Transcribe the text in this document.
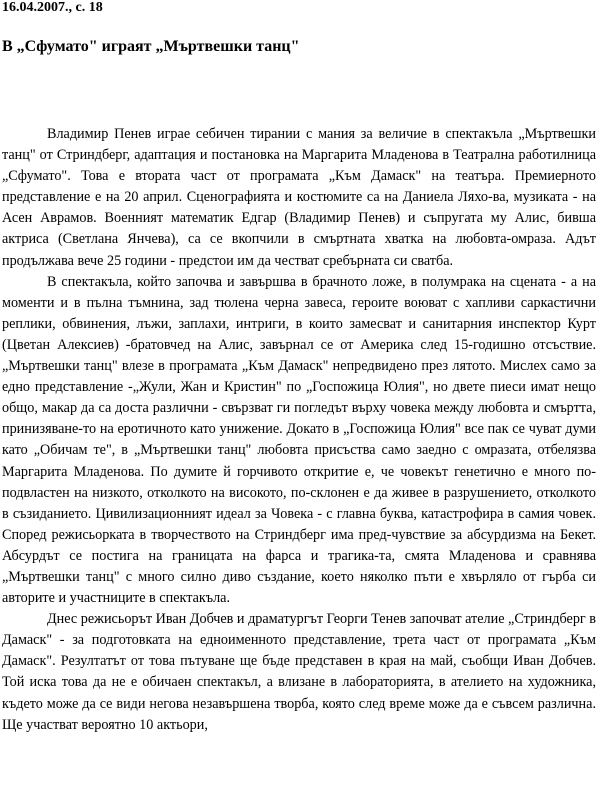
16.04.2007., с. 18
В „Сфумато" играят „Мъртвешки танц"

Владимир Пенев играе себичен тирании с мания за величие в спектакъла „Мъртвешки танц" от Стриндберг, адаптация и постановка на Маргарита Младенова в Театрална работилница „Сфумато". Това е втората част от програмата „Към Дамаск" на театъра. Премиерното представление е на 20 април. Сценографията и костюмите са на Даниела Ляхо-ва, музиката - на Асен Аврамов. Военният математик Едгар (Владимир Пенев) и съпругата му Алис, бивша актриса (Светлана Янчева), са се вкопчили в смъртната хватка на любовта-омраза. Адът продължава вече 25 години - предстои им да честват сребърната си сватба.

В спектакъла, който започва и завършва в брачното ложе, в полумрака на сцената - а на моменти и в пълна тъмнина, зад тюлена черна завеса, героите воюват с хапливи саркастични реплики, обвинения, лъжи, заплахи, интриги, в които замесват и санитарния инспектор Курт (Цветан Алексиев) -братовчед на Алис, завърнал се от Америка след 15-годишно отсъствие. „Мъртвешки танц" влезе в програмата „Към Дамаск" непредвидено през лятото. Мислех само за едно представление -„Жули, Жан и Кристин" по „Госпожица Юлия", но двете пиеси имат нещо общо, макар да са доста различни - свързват ги погледът върху човека между любовта и смъртта, принизяване-то на еротичното като унижение. Докато в „Госпожица Юлия" все пак се чуват думи като „Обичам те", в „Мъртвешки танц" любовта присъства само заедно с омразата, отбелязва Маргарита Младенова. По думите й горчивото откритие е, че човекът генетично е много по-подвластен на низкото, отколкото на високото, по-склонен е да живее в разрушението, отколкото в съзиданието. Цивилизационният идеал за Човека - с главна буква, катастрофира в самия човек. Според режисьорката в творчеството на Стриндберг има пред-чувствие за абсурдизма на Бекет. Абсурдът се постига на границата на фарса и трагика-та, смята Младенова и сравнява „Мъртвешки танц" с много силно диво създание, което няколко пъти е хвърляло от гърба си авторите и участниците в спектакъла.

Днес режисьорът Иван Добчев и драматургът Георги Тенев започват ателие „Стриндберг в Дамаск" - за подготовката на едноименното представление, трета част от програмата „Към Дамаск". Резултатът от това пътуване ще бъде представен в края на май, съобщи Иван Добчев. Той иска това да не е обичаен спектакъл, а влизане в лабораторията, в ателието на художника, където може да се види негова незавършена творба, която след време може да е съвсем различна. Ще участват вероятно 10 актьори,
